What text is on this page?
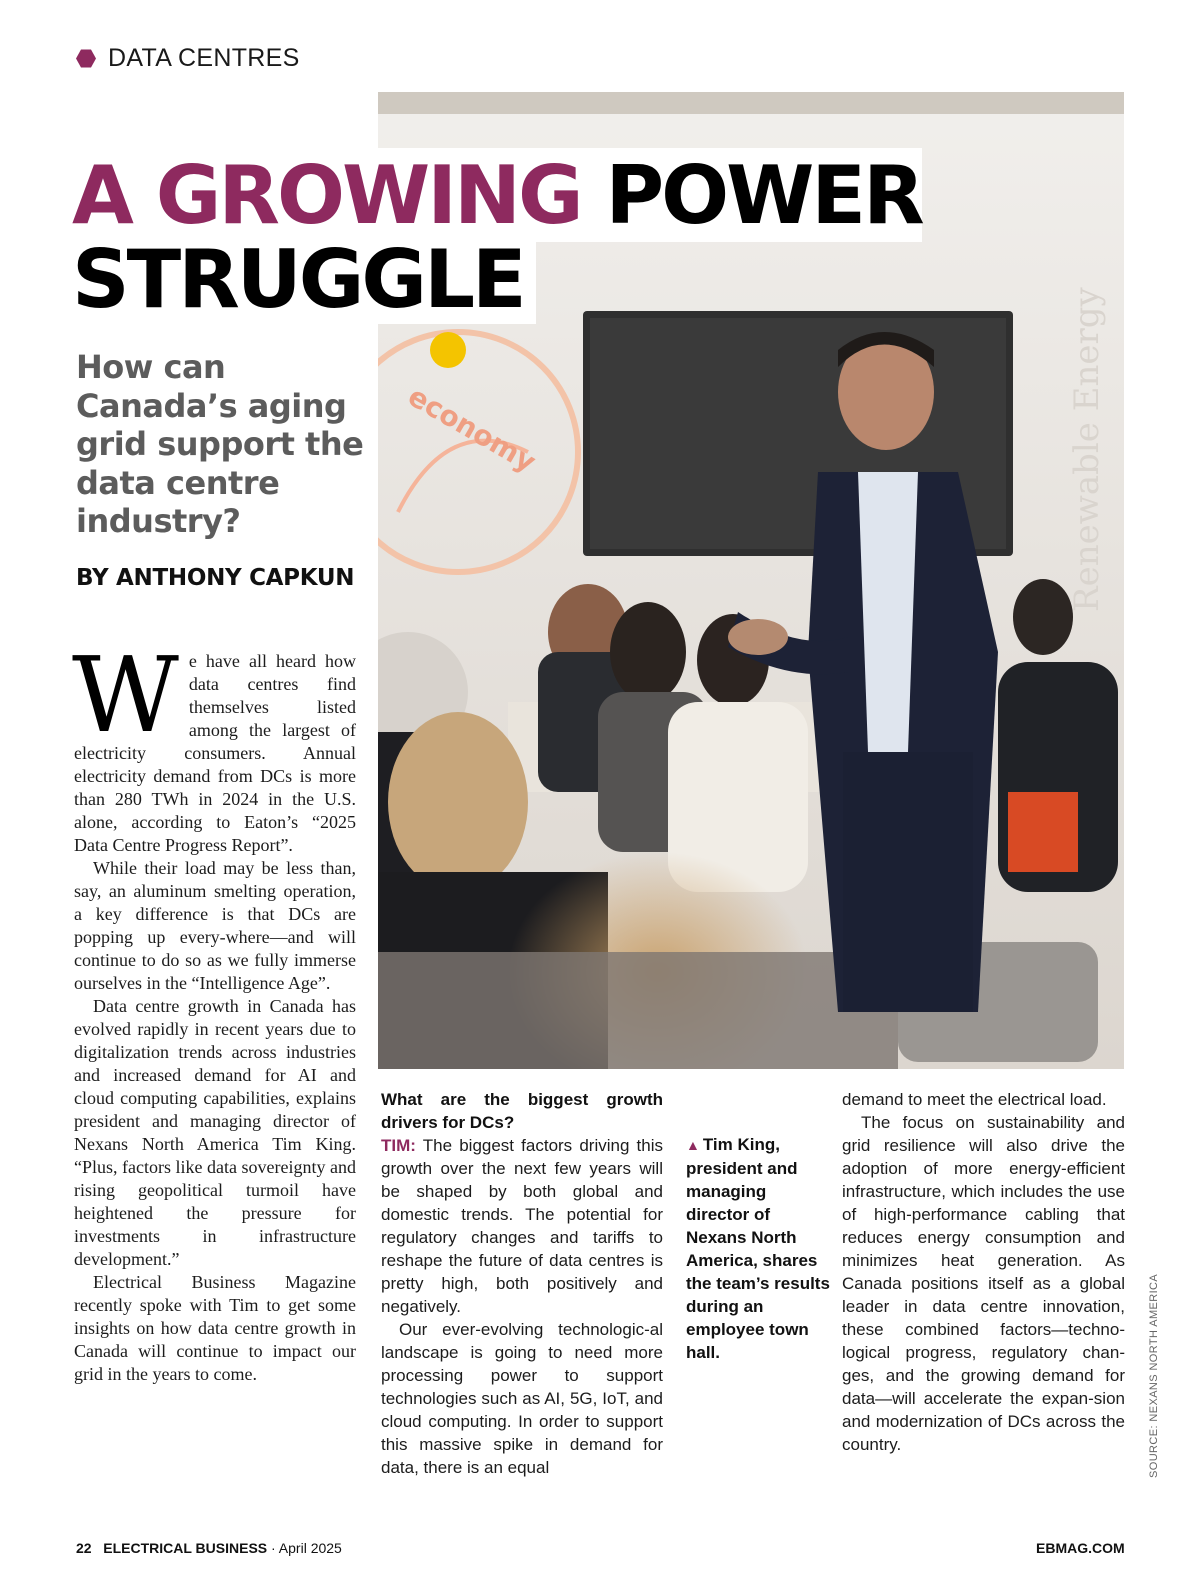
DATA CENTRES
economy	Renewable Energy
A GROWING POWER
STRUGGLE
How can Canada’s aging grid support the data centre industry?
BY ANTHONY CAPKUN

We have all heard how data centres find themselves listed among the largest of electricity consumers. Annual electricity demand from DCs is more than 280 TWh in 2024 in the U.S. alone, according to Eaton’s “2025 Data Centre Progress Report”.

While their load may be less than, say, an aluminum smelting operation, a key difference is that DCs are popping up every-where—and will continue to do so as we fully immerse ourselves in the “Intelligence Age”.

Data centre growth in Canada has evolved rapidly in recent years due to digitalization trends across industries and increased demand for AI and cloud computing capabilities, explains president and managing director of Nexans North America Tim King. “Plus, factors like data sovereignty and rising geopolitical turmoil have heightened the pressure for investments in infrastructure development.”

Electrical Business Magazine recently spoke with Tim to get some insights on how data centre growth in Canada will continue to impact our grid in the years to come.

What are the biggest growth drivers for DCs?

TIM: The biggest factors driving this growth over the next few years will be shaped by both global and domestic trends. The potential for regulatory changes and tariffs to reshape the future of data centres is pretty high, both positively and negatively.

Our ever-evolving technologic-al landscape is going to need more processing power to support technologies such as AI, 5G, IoT, and cloud computing. In order to support this massive spike in demand for data, there is an equal

▲ Tim King, president and managing director of Nexans North America, shares the team’s results during an employee town hall.

demand to meet the electrical load.

The focus on sustainability and grid resilience will also drive the adoption of more energy-efficient infrastructure, which includes the use of high-performance cabling that reduces energy consumption and minimizes heat generation. As Canada positions itself as a global leader in data centre innovation, these combined factors—techno-logical progress, regulatory chan-ges, and the growing demand for data—will accelerate the expan-sion and modernization of DCs across the country.	SOURCE: NEXANS NORTH AMERICA
22 ELECTRICAL BUSINESS · April 2025	EBMAG.COM
